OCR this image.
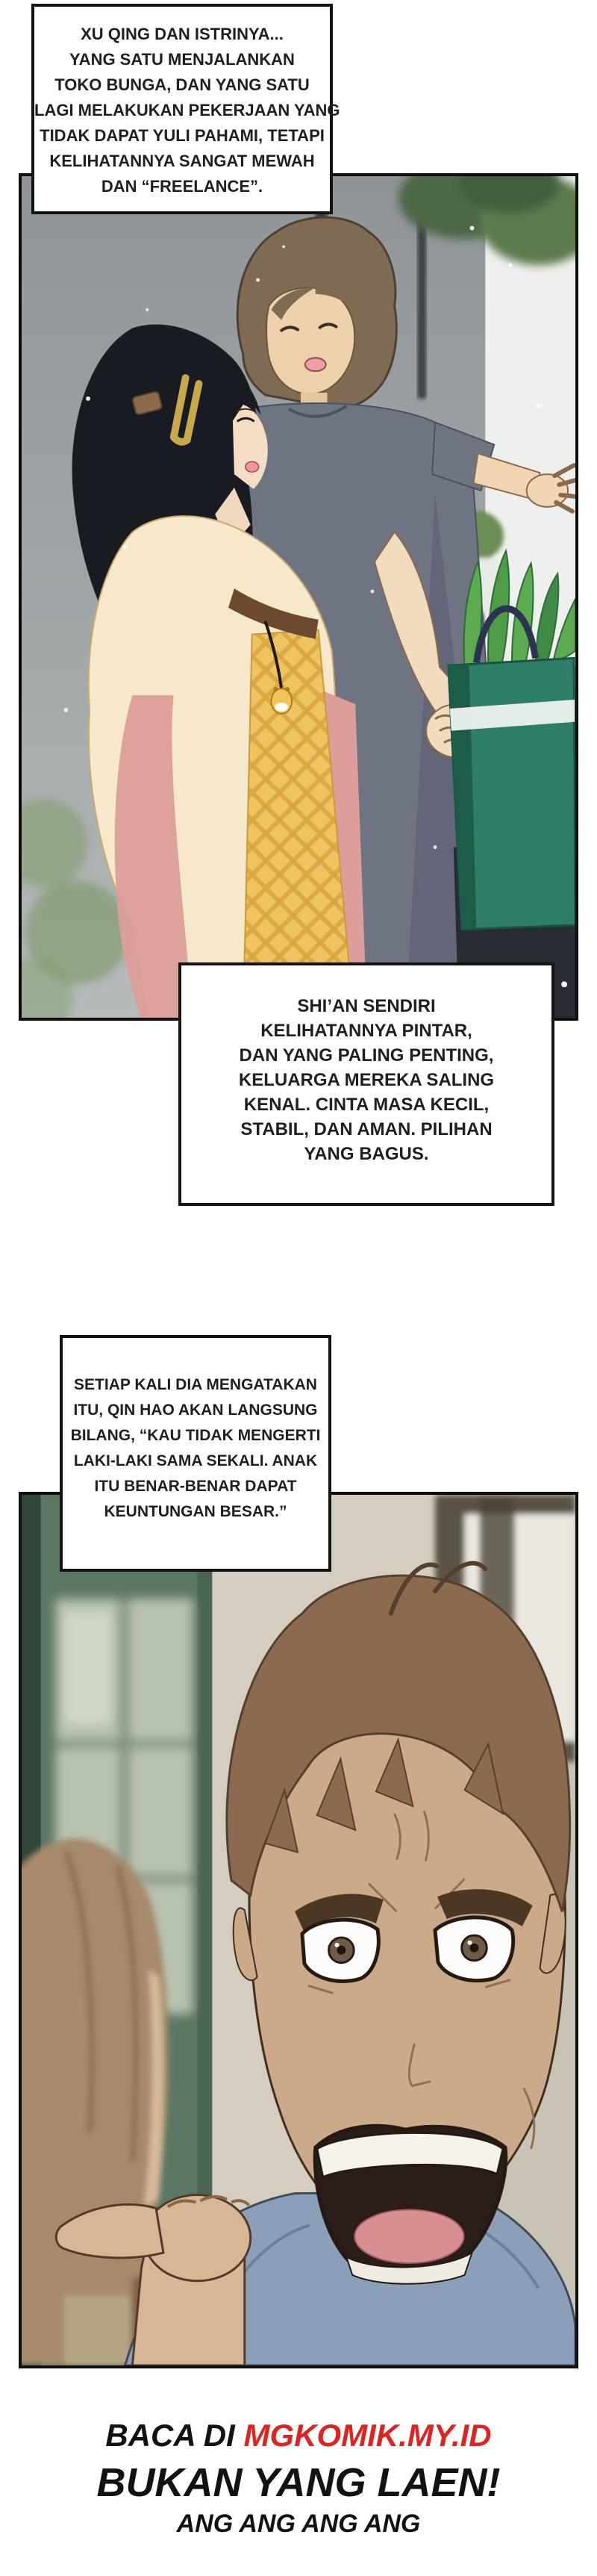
XU QING DAN ISTRINYA...
YANG SATU MENJALANKAN
TOKO BUNGA, DAN YANG SATU
LAGI MELAKUKAN PEKERJAAN YANG
TIDAK DAPAT YULI PAHAMI, TETAPI
KELIHATANNYA SANGAT MEWAH
DAN “FREELANCE”.
SHI’AN SENDIRI
KELIHATANNYA PINTAR,
DAN YANG PALING PENTING,
KELUARGA MEREKA SALING
KENAL. CINTA MASA KECIL,
STABIL, DAN AMAN. PILIHAN
YANG BAGUS.
SETIAP KALI DIA MENGATAKAN
ITU, QIN HAO AKAN LANGSUNG
BILANG, “KAU TIDAK MENGERTI
LAKI-LAKI SAMA SEKALI. ANAK
ITU BENAR-BENAR DAPAT
KEUNTUNGAN BESAR.”
BACA DI MGKOMIK.MY.ID
BUKAN YANG LAEN!
ANG ANG ANG ANG
